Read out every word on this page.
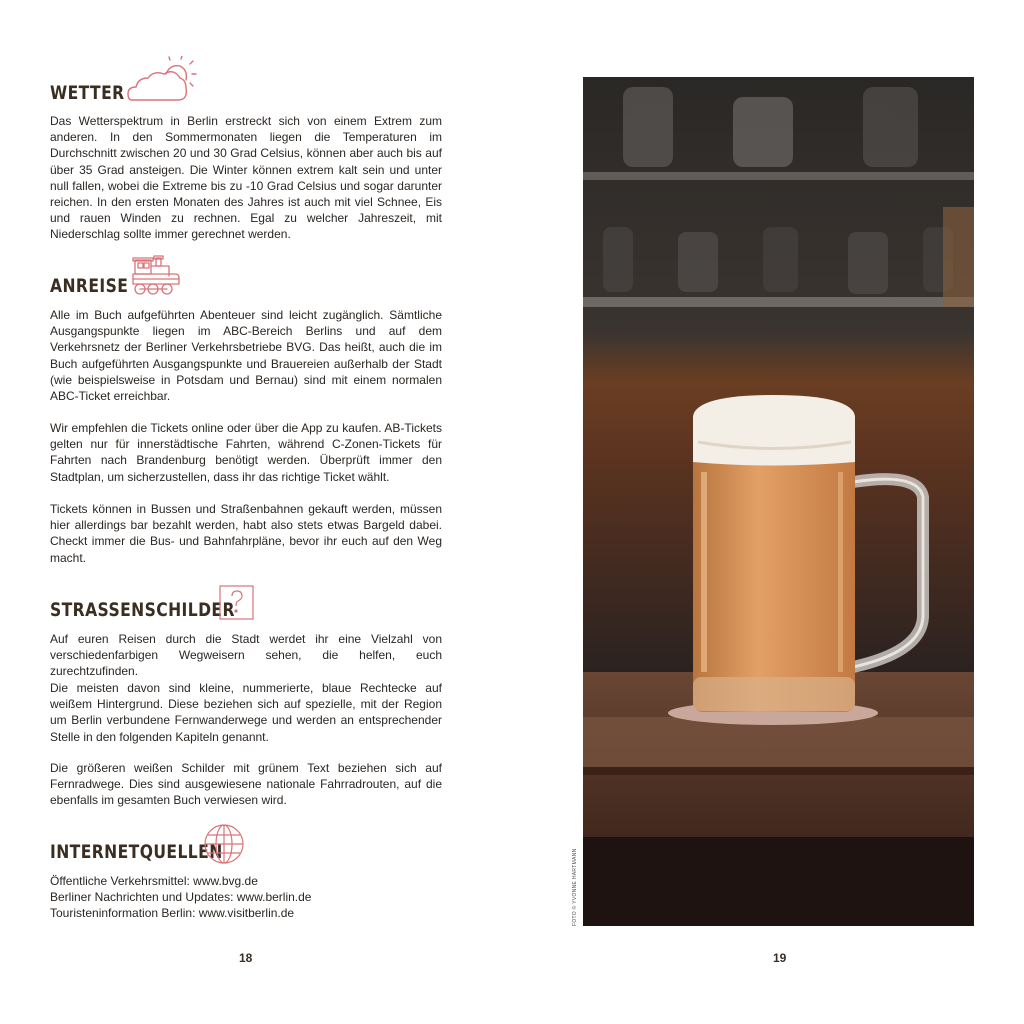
WETTER

Das Wetterspektrum in Berlin erstreckt sich von einem Extrem zum anderen. In den Sommermonaten liegen die Temperaturen im Durchschnitt zwischen 20 und 30 Grad Celsius, können aber auch bis auf über 35 Grad ansteigen. Die Winter können extrem kalt sein und unter null fallen, wobei die Extreme bis zu -10 Grad Celsius und sogar darunter reichen. In den ersten Monaten des Jahres ist auch mit viel Schnee, Eis und rauen Winden zu rechnen. Egal zu welcher Jahreszeit, mit Niederschlag sollte immer gerechnet werden.

ANREISE

Alle im Buch aufgeführten Abenteuer sind leicht zugänglich. Sämtliche Ausgangspunkte liegen im ABC-Bereich Berlins und auf dem Verkehrsnetz der Berliner Verkehrsbetriebe BVG. Das heißt, auch die im Buch aufgeführten Ausgangspunkte und Brauereien außerhalb der Stadt (wie beispielsweise in Potsdam und Bernau) sind mit einem normalen ABC-Ticket erreichbar.

Wir empfehlen die Tickets online oder über die App zu kaufen. AB-Tickets gelten nur für innerstädtische Fahrten, während C-Zonen-Tickets für Fahrten nach Brandenburg benötigt werden. Überprüft immer den Stadtplan, um sicherzustellen, dass ihr das richtige Ticket wählt.

Tickets können in Bussen und Straßenbahnen gekauft werden, müssen hier allerdings bar bezahlt werden, habt also stets etwas Bargeld dabei. Checkt immer die Bus- und Bahnfahrpläne, bevor ihr euch auf den Weg macht.

STRASSENSCHILDER

Auf euren Reisen durch die Stadt werdet ihr eine Vielzahl von verschiedenfarbigen Wegweisern sehen, die helfen, euch zurechtzufinden.

Die meisten davon sind kleine, nummerierte, blaue Rechtecke auf weißem Hintergrund. Diese beziehen sich auf spezielle, mit der Region um Berlin verbundene Fernwanderwege und werden an entsprechender Stelle in den folgenden Kapiteln genannt.

Die größeren weißen Schilder mit grünem Text beziehen sich auf Fernradwege. Dies sind ausgewiesene nationale Fahrradrouten, auf die ebenfalls im gesamten Buch verwiesen wird.

INTERNETQUELLEN
Öffentliche Verkehrsmittel: www.bvg.de
Berliner Nachrichten und Updates: www.berlin.de
Touristeninformation Berlin: www.visitberlin.de
18
FOTO © YVONNE HARTMANN
19
